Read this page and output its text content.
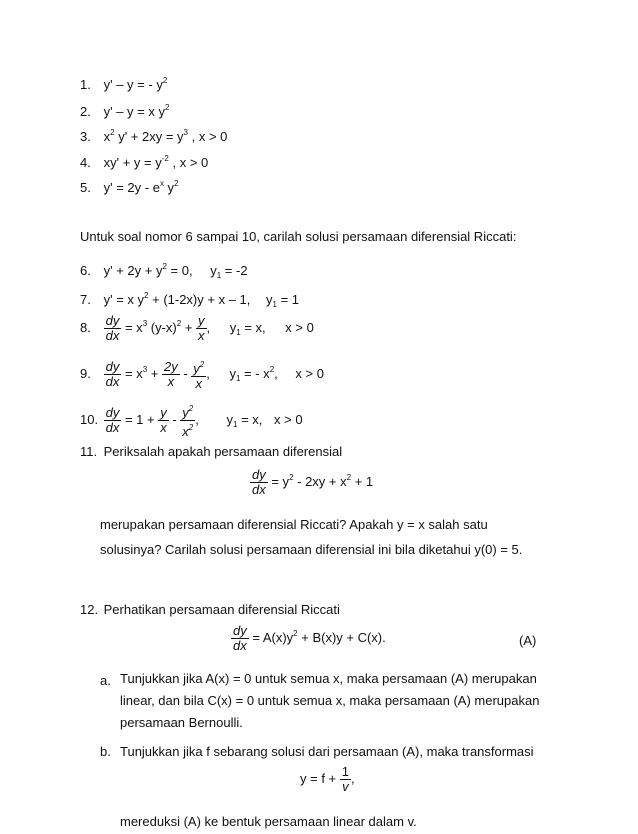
1. y' – y = - $y^2$
2. y' – y = x $y^2$
3. $x^2$ $y' + 2xy = y^3$ , x > 0
4. $xy' + y = y^{-2}$ , x > 0
5. $y' = 2y - e^x$ $y^2$
Untuk soal nomor 6 sampai 10, carilah solusi persamaan diferensial Riccati:
6. $y' + 2y + y^2 = 0$, $y_1 = -2$
7. y' = x $y^2 + (1-2x)y + x - 1$, $y_1 = 1$
8. $\frac{dy}{dx} = x^3$ $(y-x)^2 + \frac{y}{x}$ , $y_1 = x$, x > 0
9. $\frac{dy}{dx} = x^3 + \frac{2y}{x} - \frac{y^2}{x}$ , $y_1$ = - $x^2$, x > 0
10. $\frac{dy}{dx} = 1 + \frac{y}{x} - \frac{y^2}{x^2}$ , $y_1 = x$, x > 0
11. Periksalah apakah persamaan diferensial
$\frac{dy}{dx} = y^2 - 2xy + x^2 + 1$
merupakan persamaan diferensial Riccati? Apakah y = x salah satu
solusinya? Carilah solusi persamaan diferensial ini bila diketahui y(0) = 5.
12. Perhatikan persamaan diferensial Riccati
$\frac{dy}{dx} = A(x)y^2 + B(x)y + C(x)$.	(A)
a. Tunjukkan jika A(x) = 0 untuk semua x, maka persamaan (A) merupakan linear, dan bila C(x) = 0 untuk semua x, maka persamaan (A) merupakan persamaan Bernoulli.
b. Tunjukkan jika f sebarang solusi dari persamaan (A), maka transformasi
$y = f + \frac{1}{v}$ ,
mereduksi (A) ke bentuk persamaan linear dalam v.
